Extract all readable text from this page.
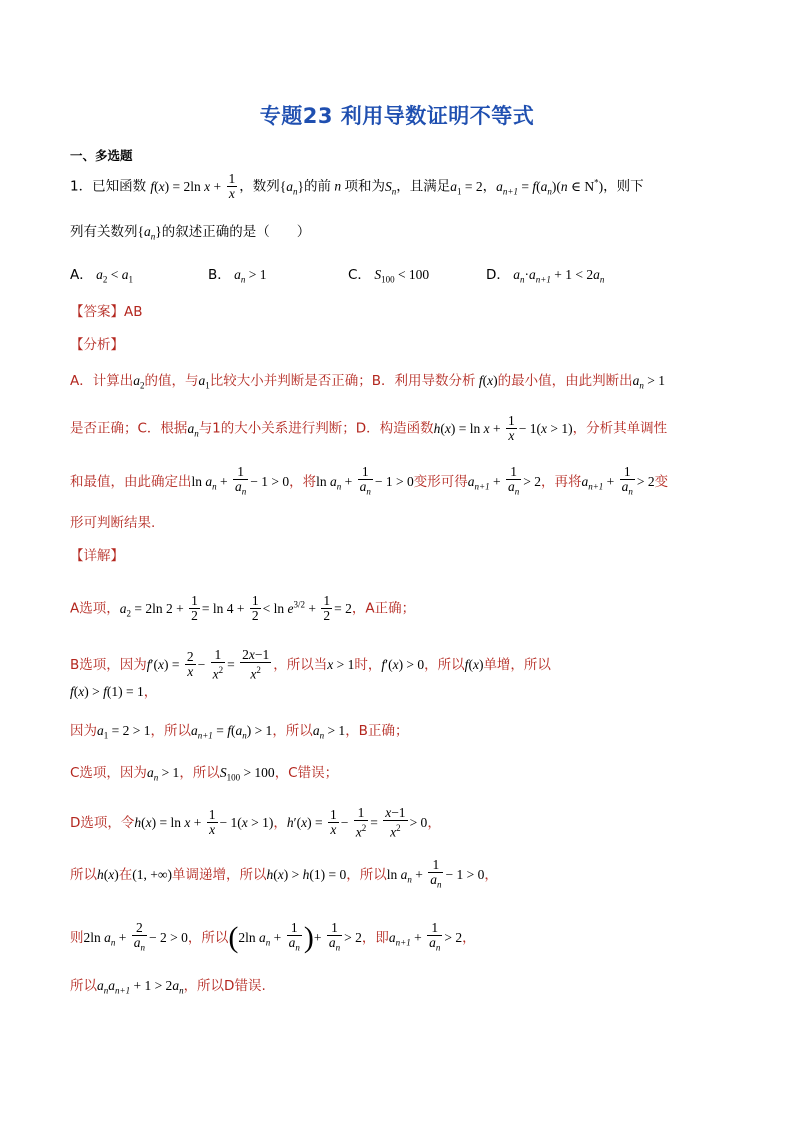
专题23 利用导数证明不等式
一、多选题
1．已知函数 f(x) = 2ln $x + \frac{1}{x}$ ，数列$\{a_n\}$的前 n 项和为$S_n$，且满足$a_1 = 2$，$a_{n+1} = f(a_n)(n$ ∈ N*)，则下
列有关数列$\{a_n\}$的叙述正确的是（　　）
A． $a_2 < a_1$	B． $a_n > 1$	C． $S_{100} < 100$	D． $a_n\cdot a_{n+1} + 1 < 2a_n$
【答案】AB
【分析】
A．计算出$a_2$的值，与$a_1$比较大小并判断是否正确；B．利用导数分析 f(x)的最小值，由此判断出$a_n > 1$
是否正确；C．根据$a_n$与1的大小关系进行判断；D．构造函数$h(x) = \ln x + \frac{1}{x} - 1(x > 1)$，分析其单调性
和最值，由此确定出$\ln a_n + \frac{1}{a_n} - 1 > 0$，将$\ln a_n + \frac{1}{a_n} - 1 > 0$变形可得$a_{n+1} + \frac{1}{a_n} > 2$，再将$a_{n+1} + \frac{1}{a_n} > 2$变
形可判断结果.
【详解】
A选项，$a_2 = 2\ln$ $2 + \frac{1}{2} = \ln 4 + \frac{1}{2} < \ln e^{3/2} + \frac{1}{2} = 2$，A正确；
B选项，因为$f'(x) = \frac{2}{x} - \frac{1}{x^2} = \frac{2x-1}{x^2}$ ，所以当x > 1时，f′(x) > 0，所以f(x)单增，所以
f(x) > f(1) = 1，
因为$a_1 = 2 > 1$，所以$a_{n+1} = f(a_n) > 1$，所以$a_n > 1$，B正确；
C选项，因为$a_n > 1$，所以$S_{100} > 100$，C错误；
D选项，令$h(x) = \ln x + \frac{1}{x} - 1(x > 1)$，$h'(x) = \frac{1}{x} - \frac{1}{x^2} = \frac{x-1}{x^2} > 0$，
所以h(x)在(1, +∞)单调递增，所以h(x) > h(1) = 0，所以$\ln a_n + \frac{1}{a_n} - 1 > 0$，
则2ln $a_n + \frac{2}{a_n} - 2 > 0$，所以(2ln $a_n + \frac{1}{a_n}$ )+ $\frac{1}{a_n} > 2$，即$a_{n+1} + \frac{1}{a_n} > 2$，
所以$a_na_{n+1} + 1 > 2a_n$，所以D错误.
